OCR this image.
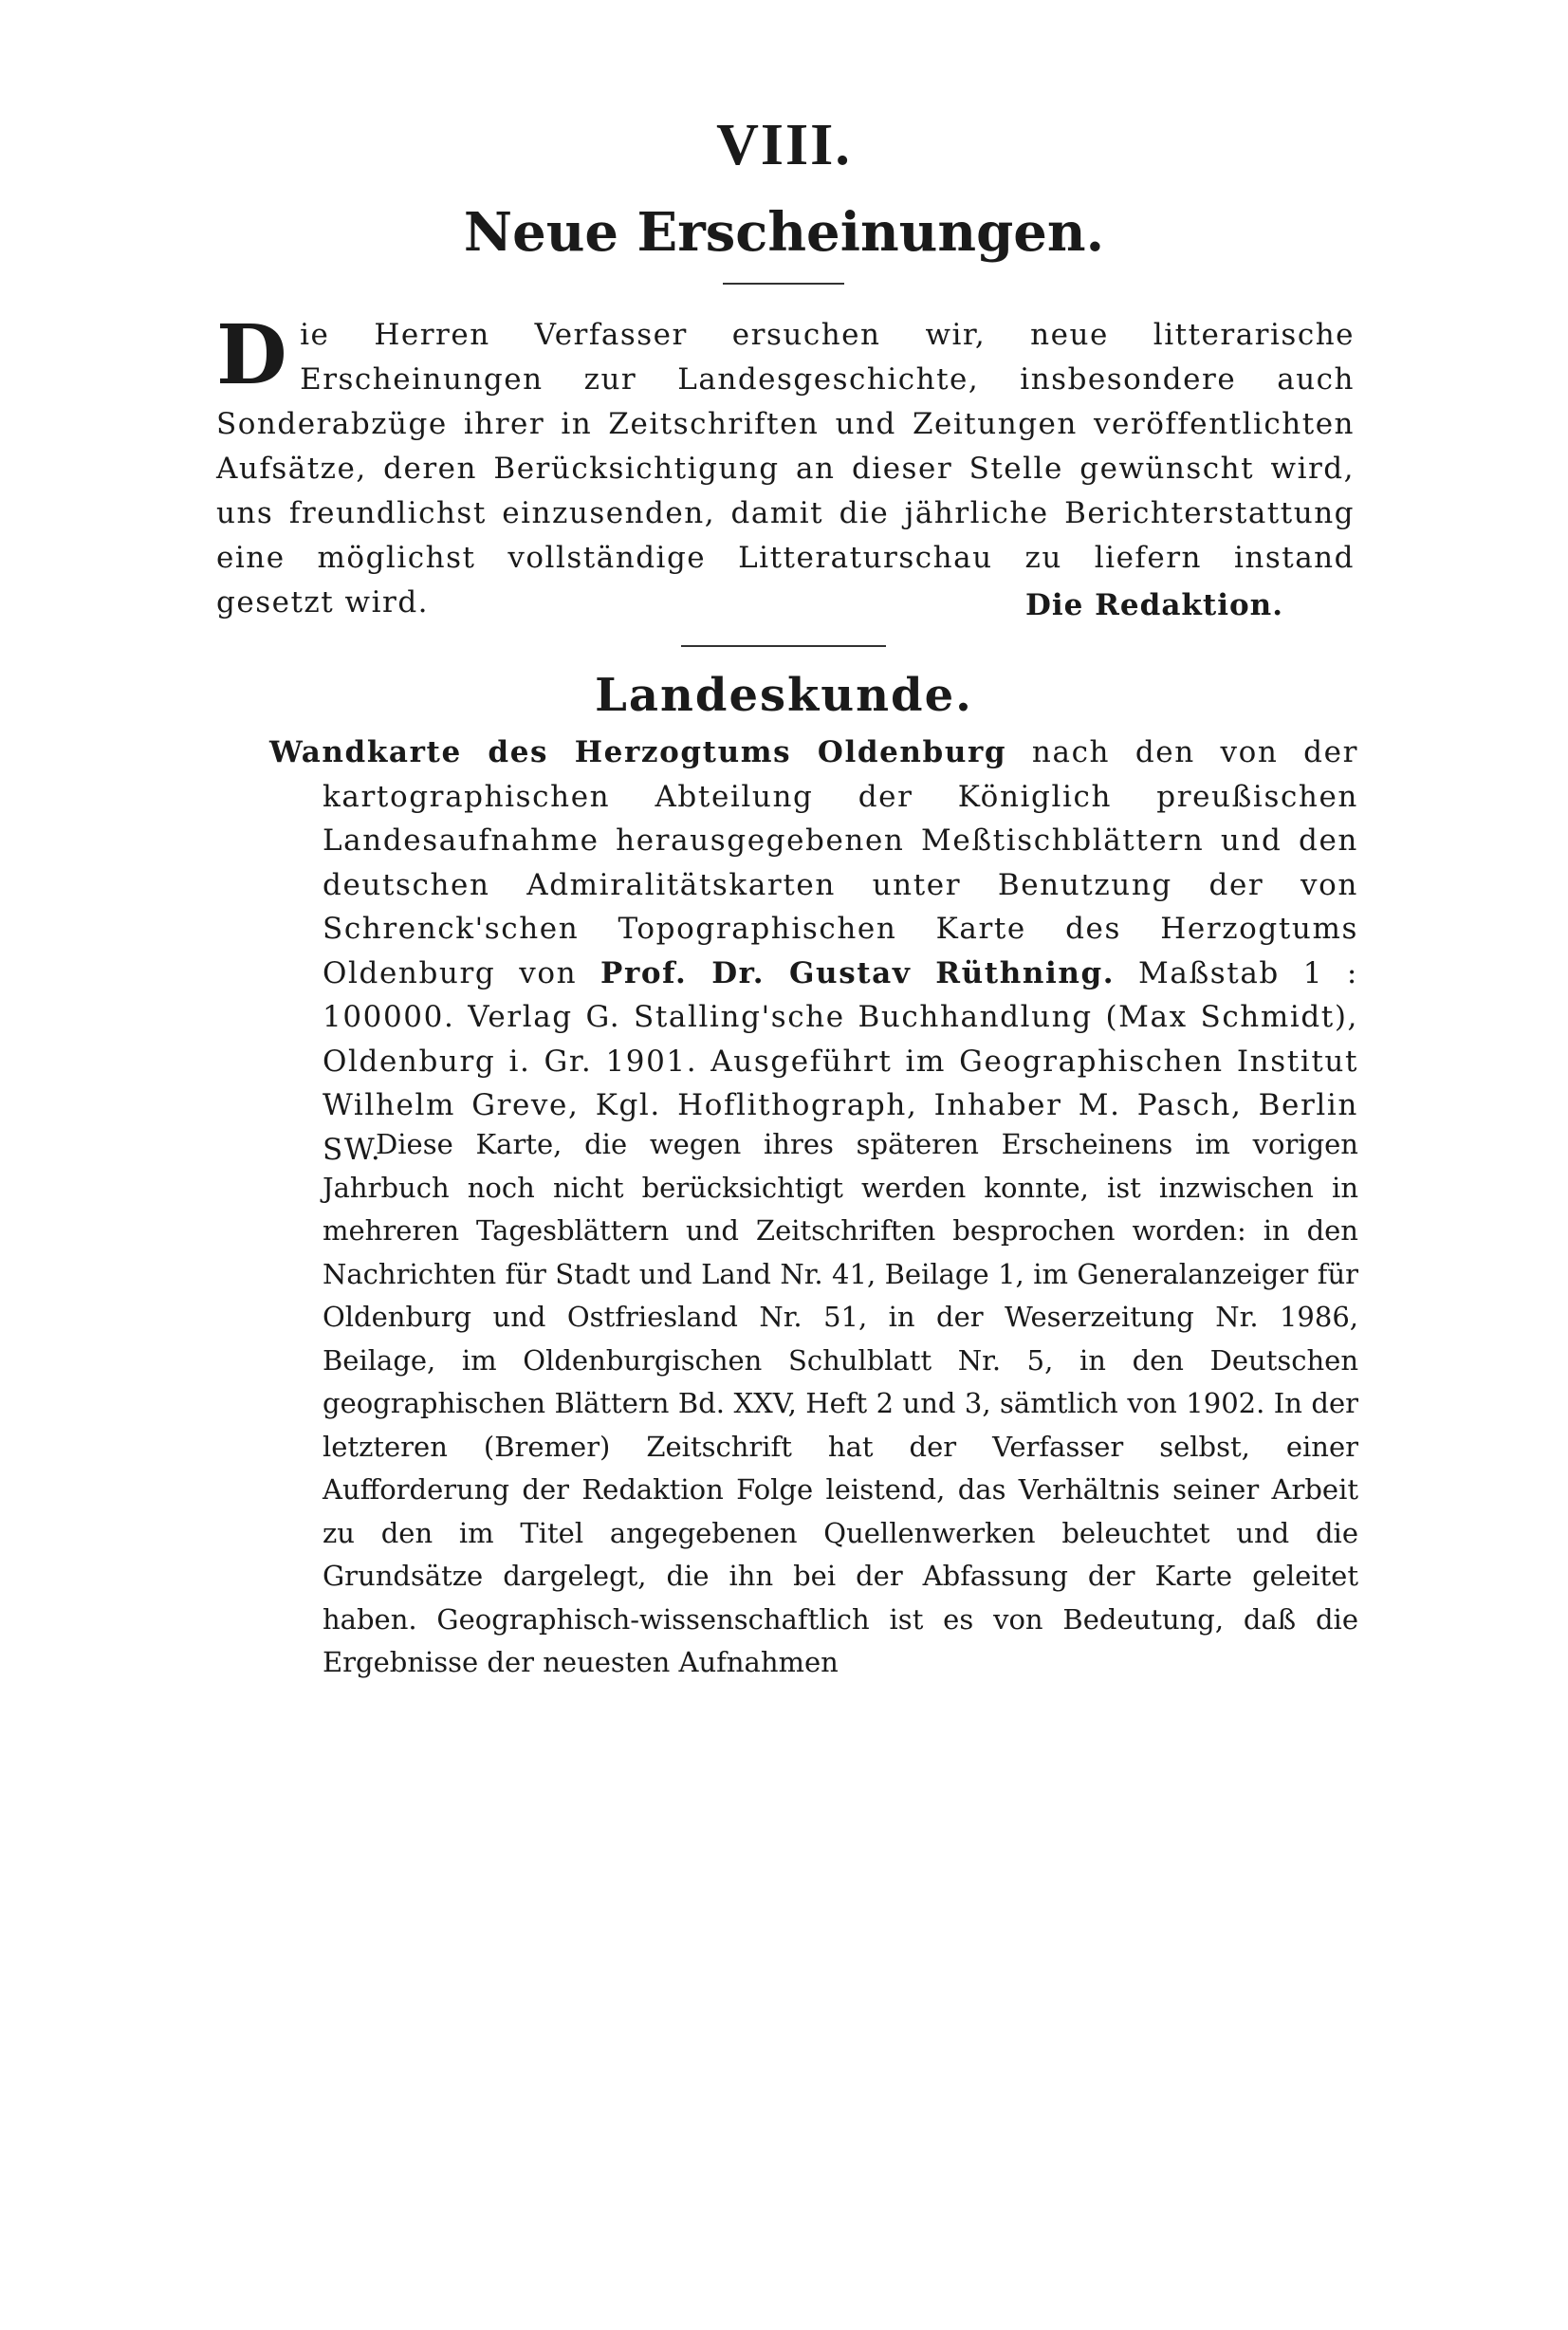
VIII.
Neue Erscheinungen.
Die Herren Verfasser ersuchen wir, neue litterarische Erscheinungen zur Landesgeschichte, insbesondere auch Sonderabzüge ihrer in Zeitschriften und Zeitungen veröffentlichten Aufsätze, deren Berücksichtigung an dieser Stelle gewünscht wird, uns freundlichst einzusenden, damit die jährliche Berichterstattung eine möglichst vollständige Litteraturschau zu liefern instand gesetzt wird.	Die Redaktion.
Landeskunde.
Wandkarte des Herzogtums Oldenburg nach den von der kartographischen Abteilung der Königlich preußischen Landesaufnahme herausgegebenen Meßtischblättern und den deutschen Admiralitätskarten unter Benutzung der von Schrenck'schen Topographischen Karte des Herzogtums Oldenburg von Prof. Dr. Gustav Rüthning. Maßstab 1 : 100000. Verlag G. Stalling'sche Buchhandlung (Max Schmidt), Oldenburg i. Gr. 1901. Ausgeführt im Geographischen Institut Wilhelm Greve, Kgl. Hoflithograph, Inhaber M. Pasch, Berlin SW.
Diese Karte, die wegen ihres späteren Erscheinens im vorigen Jahrbuch noch nicht berücksichtigt werden konnte, ist inzwischen in mehreren Tagesblättern und Zeitschriften besprochen worden: in den Nachrichten für Stadt und Land Nr. 41, Beilage 1, im Generalanzeiger für Oldenburg und Ostfriesland Nr. 51, in der Weserzeitung Nr. 1986, Beilage, im Oldenburgischen Schulblatt Nr. 5, in den Deutschen geographischen Blättern Bd. XXV, Heft 2 und 3, sämtlich von 1902. In der letzteren (Bremer) Zeitschrift hat der Verfasser selbst, einer Aufforderung der Redaktion Folge leistend, das Verhältnis seiner Arbeit zu den im Titel angegebenen Quellenwerken beleuchtet und die Grundsätze dargelegt, die ihn bei der Abfassung der Karte geleitet haben. Geographisch-wissenschaftlich ist es von Bedeutung, daß die Ergebnisse der neuesten Aufnahmen
